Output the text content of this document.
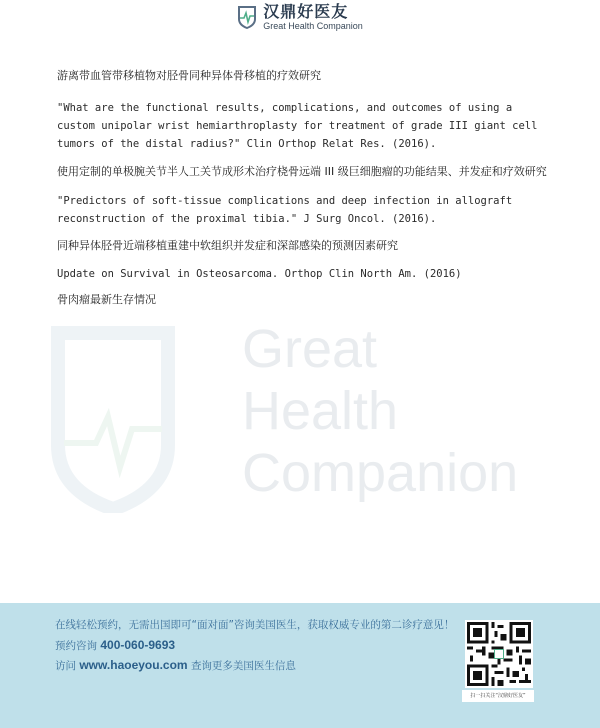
汉鼎好医友
Great Health Companion
Great
Health
Companion

游离带血管带移植物对胫骨同种异体骨移植的疗效研究

"What are the functional results, complications, and outcomes of using a custom unipolar wrist hemiarthroplasty for treatment of grade III giant cell tumors of the distal radius?" Clin Orthop Relat Res. (2016).

使用定制的单极腕关节半人工关节成形术治疗桡骨远端 III 级巨细胞瘤的功能结果、并发症和疗效研究

"Predictors of soft-tissue complications and deep infection in allograft reconstruction of the proximal tibia." J Surg Oncol. (2016).

同种异体胫骨近端移植重建中软组织并发症和深部感染的预测因素研究

Update on Survival in Osteosarcoma. Orthop Clin North Am. (2016)

骨肉瘤最新生存情况

在线轻松预约，无需出国即可“面对面”咨询美国医生，获取权威专业的第二诊疗意见！
预约咨询 400-060-9693
访问 www.haoeyou.com 查询更多美国医生信息
扫一扫关注“汉鼎好医友”
